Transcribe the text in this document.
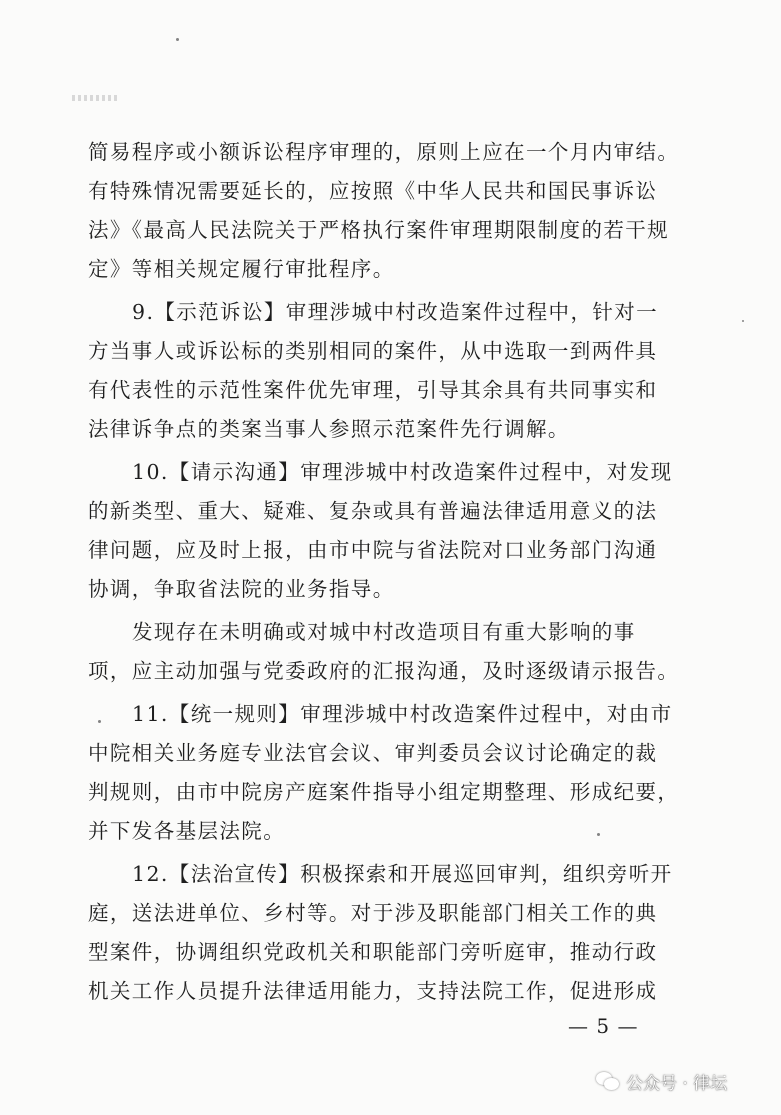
简易程序或小额诉讼程序审理的，原则上应在一个月内审结。
有特殊情况需要延长的，应按照《中华人民共和国民事诉讼
法》《最高人民法院关于严格执行案件审理期限制度的若干规
定》等相关规定履行审批程序。
9.【示范诉讼】审理涉城中村改造案件过程中，针对一
方当事人或诉讼标的类别相同的案件，从中选取一到两件具
有代表性的示范性案件优先审理，引导其余具有共同事实和
法律诉争点的类案当事人参照示范案件先行调解。
10.【请示沟通】审理涉城中村改造案件过程中，对发现
的新类型、重大、疑难、复杂或具有普遍法律适用意义的法
律问题，应及时上报，由市中院与省法院对口业务部门沟通
协调，争取省法院的业务指导。
发现存在未明确或对城中村改造项目有重大影响的事
项，应主动加强与党委政府的汇报沟通，及时逐级请示报告。
11.【统一规则】审理涉城中村改造案件过程中，对由市
中院相关业务庭专业法官会议、审判委员会议讨论确定的裁
判规则，由市中院房产庭案件指导小组定期整理、形成纪要，
并下发各基层法院。
12.【法治宣传】积极探索和开展巡回审判，组织旁听开
庭，送法进单位、乡村等。对于涉及职能部门相关工作的典
型案件，协调组织党政机关和职能部门旁听庭审，推动行政
机关工作人员提升法律适用能力，支持法院工作，促进形成
— 5 —
公众号 · 律坛
